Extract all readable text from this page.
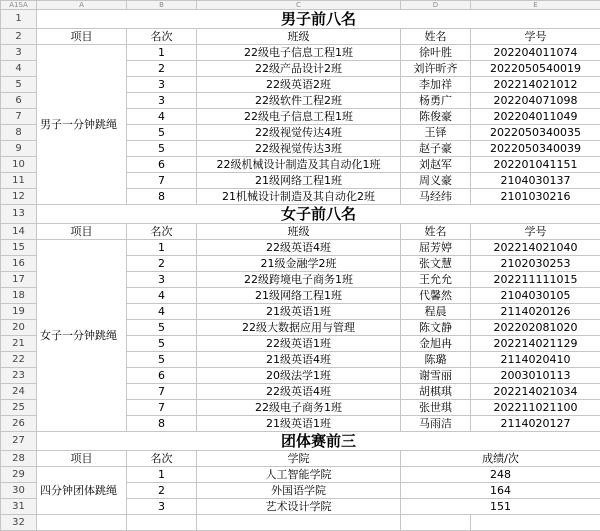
A1SA	A	B	C	D	E
1	男子前八名				
2	项目	名次	班级	姓名	学号
3	男子一分钟跳绳	1	22级电子信息工程1班	徐叶胜	202204011074
4		2	22级产品设计2班	刘许昕齐	2022050540019
5		3	22级英语2班	李加祥	202214021012
6		3	22级软件工程2班	杨勇广	202204071098
7		4	22级电子信息工程1班	陈俊豪	202204011049
8		5	22级视觉传达4班	王铎	2022050340035
9		5	22级视觉传达3班	赵子豪	2022050340039
10		6	22级机械设计制造及其自动化1班	刘赵军	202201041151
11		7	21级网络工程1班	周义豪	2104030137
12		8	21机械设计制造及其自动化2班	马经纬	2101030216
13	女子前八名				
14	项目	名次	班级	姓名	学号
15	女子一分钟跳绳	1	22级英语4班	屈芳婷	202214021040
16		2	21级金融学2班	张文慧	2102030253
17		3	22级跨境电子商务1班	王允允	202211111015
18		4	21级网络工程1班	代馨然	2104030105
19		4	21级英语1班	程晨	2114020126
20		5	22级大数据应用与管理	陈文静	202202081020
21		5	22级英语1班	金旭冉	202214021129
22		5	21级英语4班	陈璐	2114020410
23		6	20级法学1班	谢雪丽	2003010113
24		7	22级英语4班	胡棋琪	202214021034
25		7	22级电子商务1班	张世琪	202211021100
26		8	21级英语1班	马雨洁	2114020127
27	团体赛前三				
28	项目	名次	学院	成绩/次	
29	四分钟团体跳绳	1	人工智能学院	248	
30		2	外国语学院	164	
31		3	艺术设计学院	151	
32					
